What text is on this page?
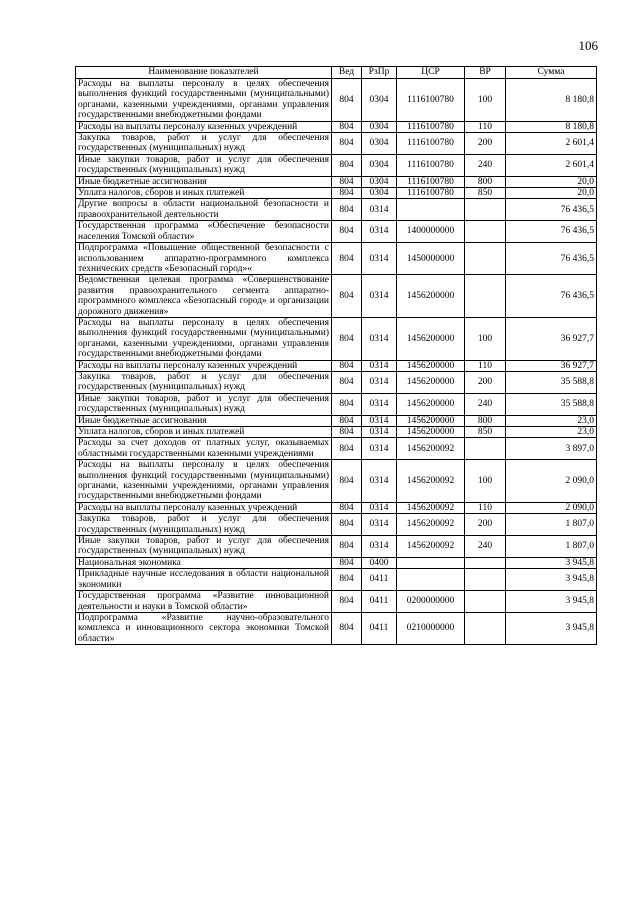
106
Наименование показателей	Вед	РзПр	ЦСР	ВР	Сумма
Расходы на выплаты персоналу в целях обеспечения выполнения функций государственными (муниципальными) органами, казенными учреждениями, органами управления государственными внебюджетными фондами	804	0304	1116100780	100	8 180,8
Расходы на выплаты персоналу казенных учреждений	804	0304	1116100780	110	8 180,8
Закупка товаров, работ и услуг для обеспечения государственных (муниципальных) нужд	804	0304	1116100780	200	2 601,4
Иные закупки товаров, работ и услуг для обеспечения государственных (муниципальных) нужд	804	0304	1116100780	240	2 601,4
Иные бюджетные ассигнования	804	0304	1116100780	800	20,0
Уплата налогов, сборов и иных платежей	804	0304	1116100780	850	20,0
Другие вопросы в области национальной безопасности и правоохранительной деятельности	804	0314			76 436,5
Государственная программа «Обеспечение безопасности населения Томской области»	804	0314	1400000000		76 436,5
Подпрограмма «Повышение общественной безопасности с использованием аппаратно-программного комплекса технических средств «Безопасный город»«	804	0314	1450000000		76 436,5
Ведомственная целевая программа «Совершенствование развития правоохранительного сегмента аппаратно-программного комплекса «Безопасный город» и организации дорожного движения»	804	0314	1456200000		76 436,5
Расходы на выплаты персоналу в целях обеспечения выполнения функций государственными (муниципальными) органами, казенными учреждениями, органами управления государственными внебюджетными фондами	804	0314	1456200000	100	36 927,7
Расходы на выплаты персоналу казенных учреждений	804	0314	1456200000	110	36 927,7
Закупка товаров, работ и услуг для обеспечения государственных (муниципальных) нужд	804	0314	1456200000	200	35 588,8
Иные закупки товаров, работ и услуг для обеспечения государственных (муниципальных) нужд	804	0314	1456200000	240	35 588,8
Иные бюджетные ассигнования	804	0314	1456200000	800	23,0
Уплата налогов, сборов и иных платежей	804	0314	1456200000	850	23,0
Расходы за счет доходов от платных услуг, оказываемых областными государственными казенными учреждениями	804	0314	1456200092		3 897,0
Расходы на выплаты персоналу в целях обеспечения выполнения функций государственными (муниципальными) органами, казенными учреждениями, органами управления государственными внебюджетными фондами	804	0314	1456200092	100	2 090,0
Расходы на выплаты персоналу казенных учреждений	804	0314	1456200092	110	2 090,0
Закупка товаров, работ и услуг для обеспечения государственных (муниципальных) нужд	804	0314	1456200092	200	1 807,0
Иные закупки товаров, работ и услуг для обеспечения государственных (муниципальных) нужд	804	0314	1456200092	240	1 807,0
Национальная экономика	804	0400			3 945,8
Прикладные научные исследования в области национальной экономики	804	0411			3 945,8
Государственная программа «Развитие инновационной деятельности и науки в Томской области»	804	0411	0200000000		3 945,8
Подпрограмма «Развитие научно-образовательного комплекса и инновационного сектора экономики Томской области»	804	0411	0210000000		3 945,8
